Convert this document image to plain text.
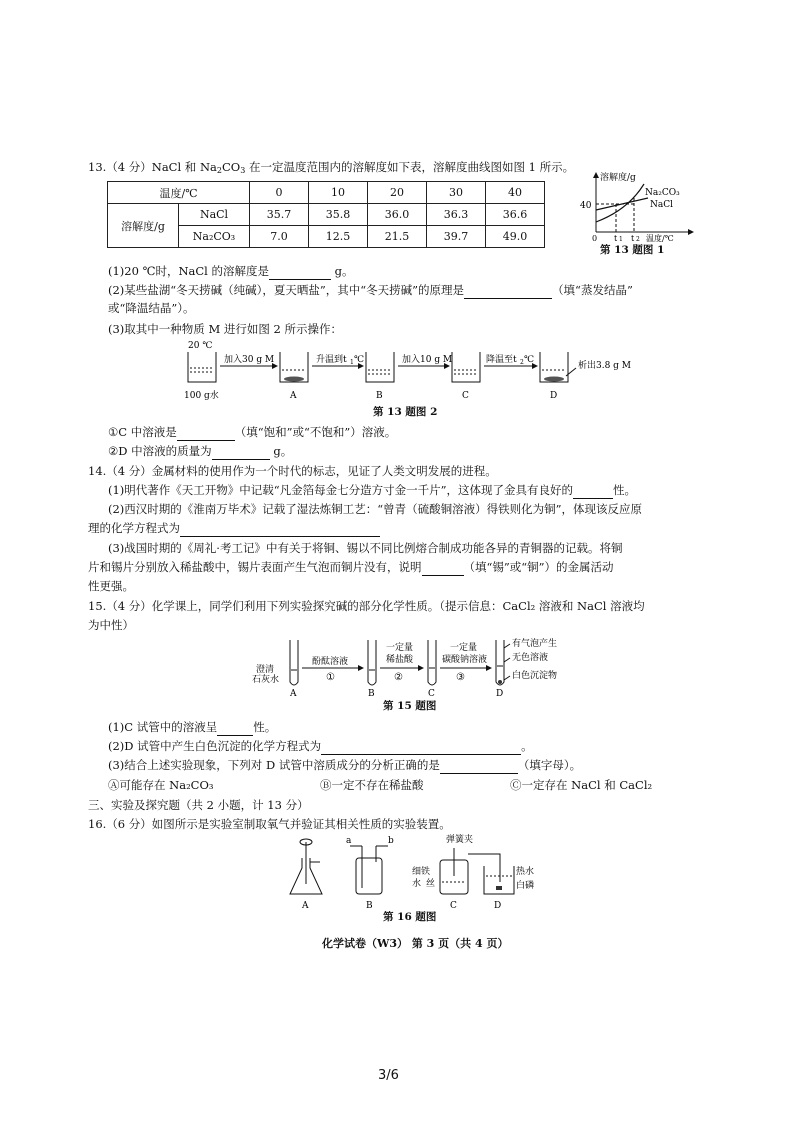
13.（4 分）NaCl 和 $Na_2CO_3$ 在一定温度范围内的溶解度如下表，溶解度曲线图如图 1 所示。
温度/℃		0	10	20	30	40
溶解度/g	NaCl	35.7	35.8	36.0	36.3	36.6
	Na₂CO₃	7.0	12.5	21.5	39.7	49.0
溶解度/g
40
Na₂CO₃
NaCl
0 t 1 t 2 温度/℃
第 13 题图 1
(1)20 ℃时，NaCl 的溶解度是	g。
(2)某些盐湖“冬天捞碱（纯碱），夏天晒盐”，其中“冬天捞碱”的原理是	（填“蒸发结晶”
或“降温结晶”）。
(3)取其中一种物质 M 进行如图 2 所示操作：
20 ℃
加入30 g M	升温到t 1 ℃	加入10 g M	降温至t 2 ℃
析出3.8 g M
100 g水	A	B	C	D
第 13 题图 2
①C 中溶液是	（填“饱和”或“不饱和”）溶液。
②D 中溶液的质量为	g。
14.（4 分）金属材料的使用作为一个时代的标志，见证了人类文明发展的进程。
(1)明代著作《天工开物》中记载“凡金箔每金七分造方寸金一千片”，这体现了金具有良好的	性。
(2)西汉时期的《淮南万毕术》记载了湿法炼铜工艺：“曾青（硫酸铜溶液）得铁则化为铜”，体现该反应原
理的化学方程式为
(3)战国时期的《周礼·考工记》中有关于将铜、锡以不同比例熔合制成功能各异的青铜器的记载。将铜
片和锡片分别放入稀盐酸中，锡片表面产生气泡而铜片没有，说明	（填“锡”或“铜”）的金属活动
性更强。
15.（4 分）化学课上，同学们利用下列实验探究碱的部分化学性质。（提示信息：CaCl₂ 溶液和 NaCl 溶液均
为中性）
澄清
石灰水
酚酞溶液
①
一定量
稀盐酸
②
一定量
碳酸钠溶液
③
有气泡产生
无色溶液
白色沉淀物
A	B	C	D
第 15 题图
(1)C 试管中的溶液呈	性。
(2)D 试管中产生白色沉淀的化学方程式为	。
(3)结合上述实验现象，下列对 D 试管中溶质成分的分析正确的是	（填字母）。
Ⓐ可能存在 Na₂CO₃	Ⓑ一定不存在稀盐酸	Ⓒ一定存在 NaCl 和 CaCl₂
三、实验及探究题（共 2 小题，计 13 分）
16.（6 分）如图所示是实验室制取氧气并验证其相关性质的实验装置。
a	b	弹簧夹
细铁
丝
水
热水
白磷
A	B	C	D
第 16 题图
化学试卷（W3） 第 3 页（共 4 页）
3/6
